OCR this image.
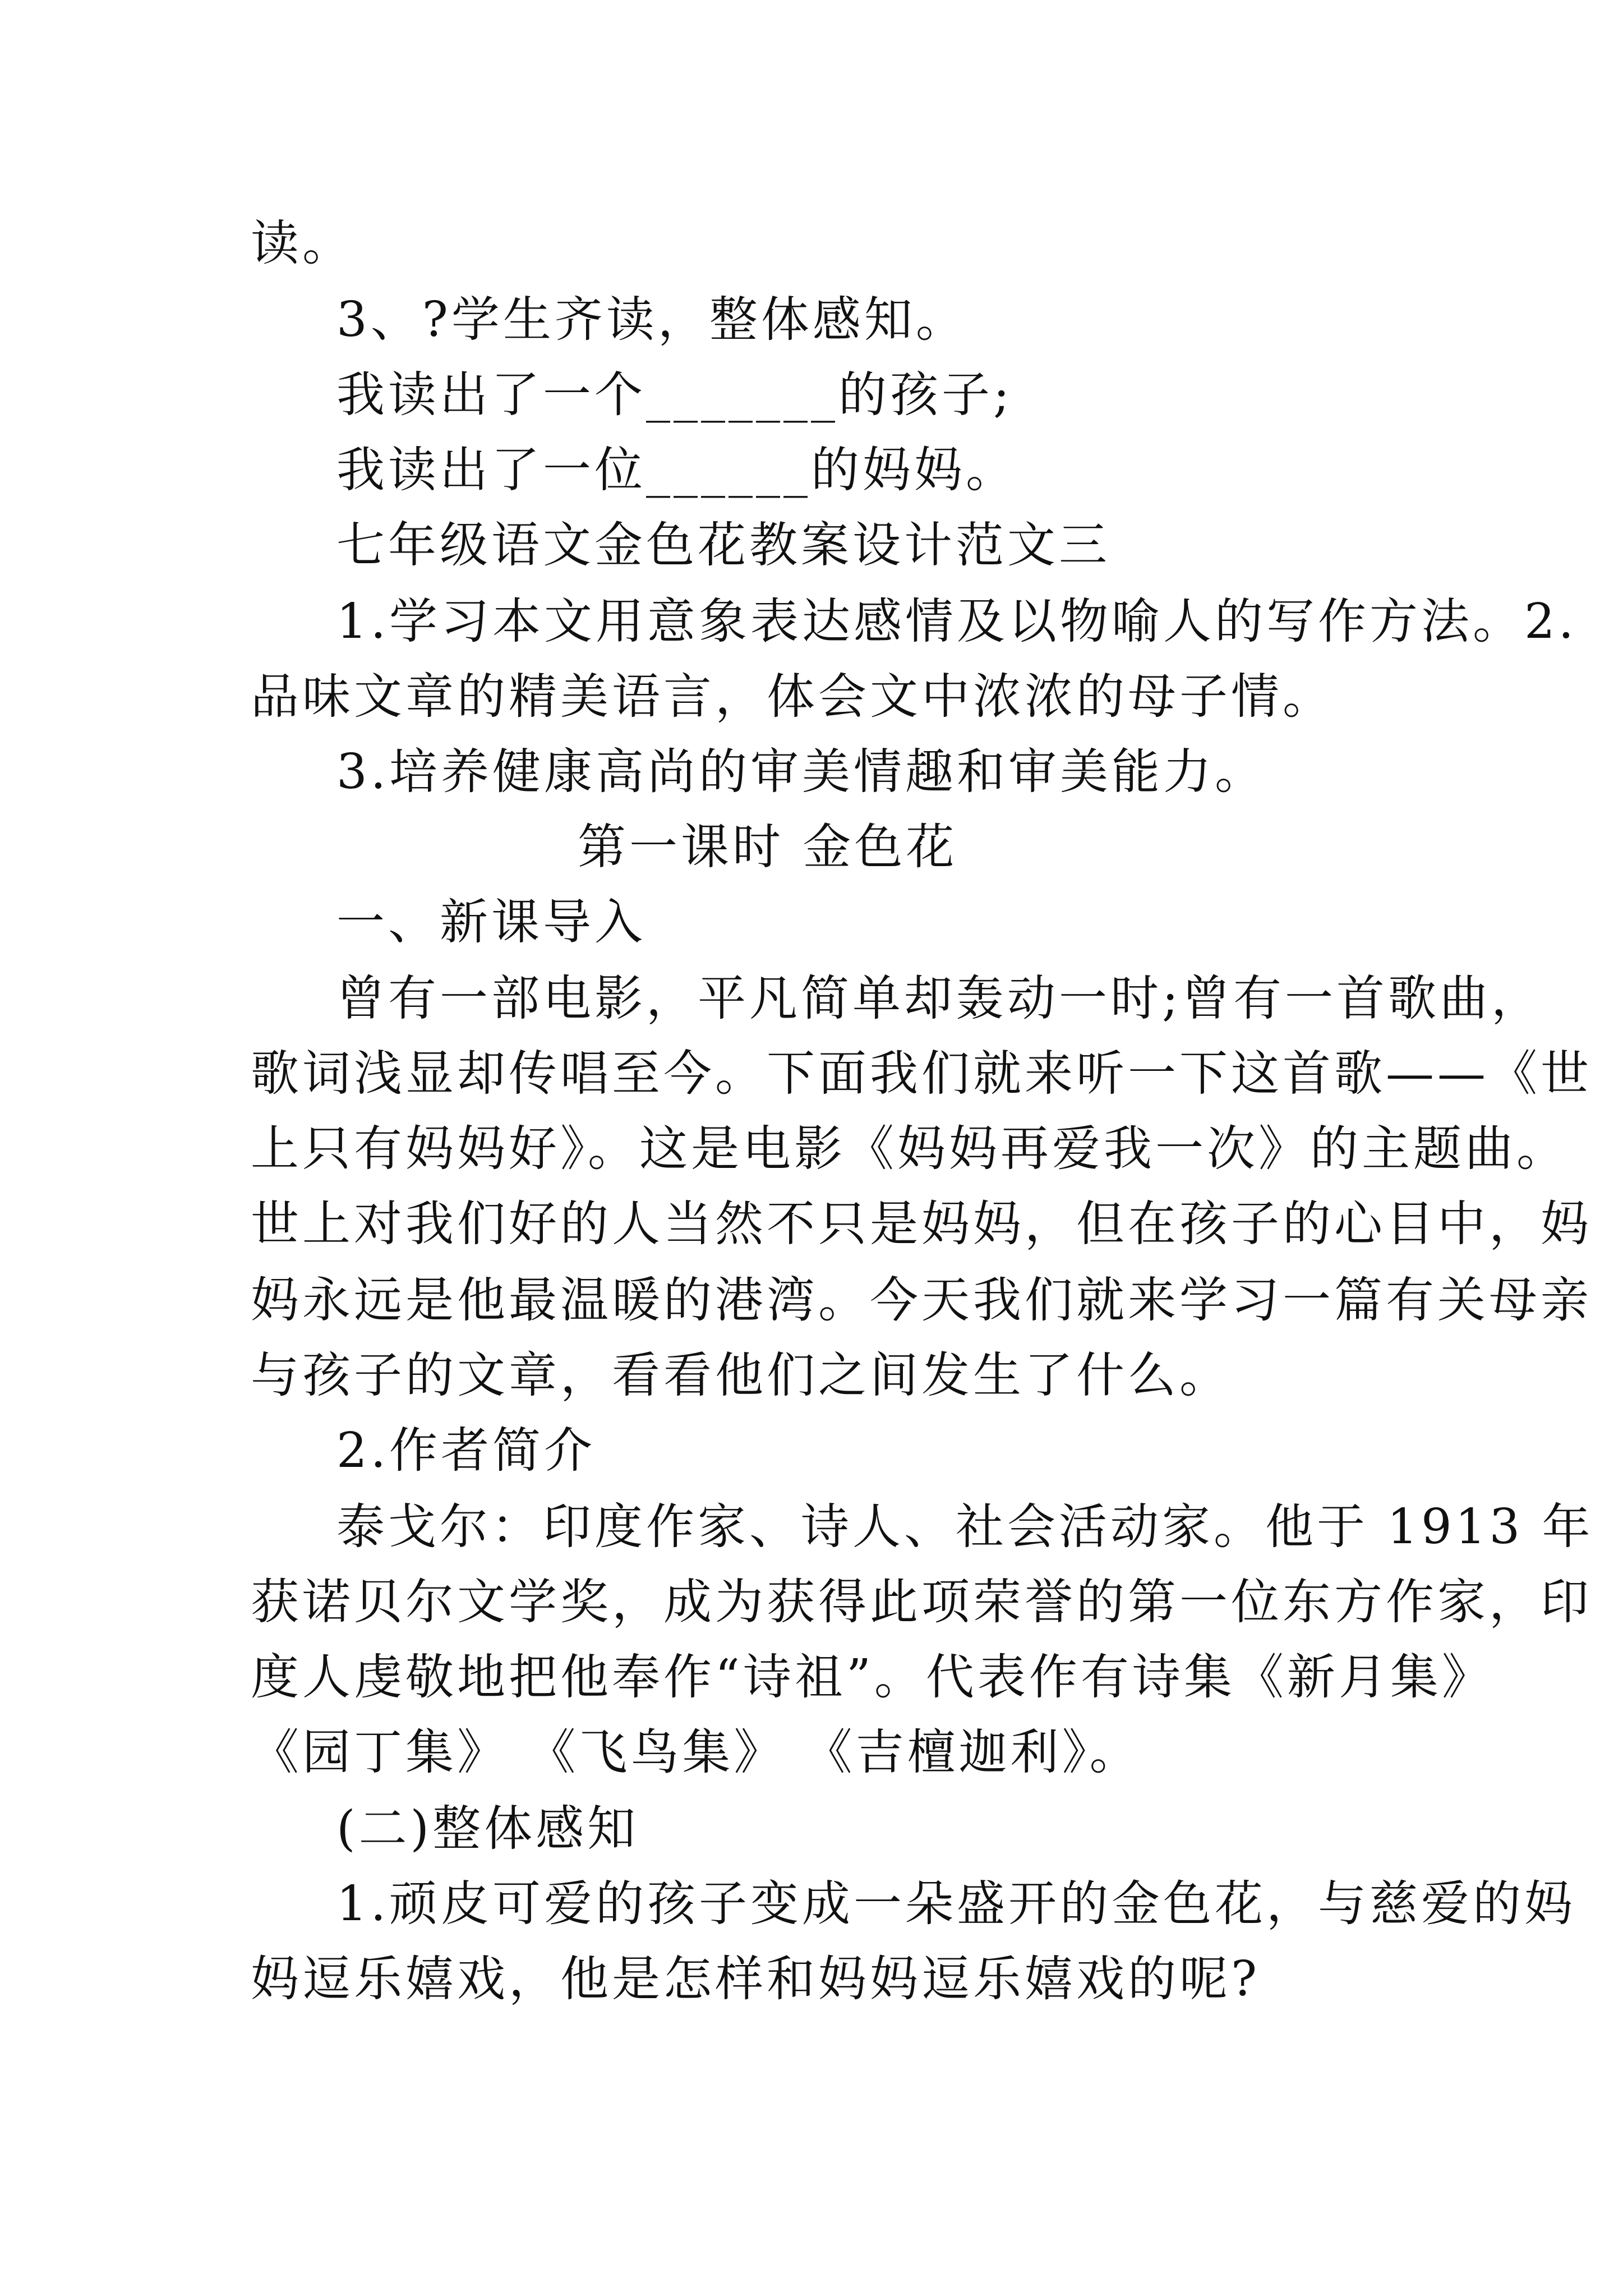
读。
3、?学生齐读，整体感知。
我读出了一个_______的孩子;
我读出了一位______的妈妈。
七年级语文金色花教案设计范文三
1.学习本文用意象表达感情及以物喻人的写作方法。2.
品味文章的精美语言，体会文中浓浓的母子情。
3.培养健康高尚的审美情趣和审美能力。
第一课时 金色花
一、新课导入
曾有一部电影，平凡简单却轰动一时;曾有一首歌曲，
歌词浅显却传唱至今。下面我们就来听一下这首歌——《世
上只有妈妈好》。这是电影《妈妈再爱我一次》的主题曲。
世上对我们好的人当然不只是妈妈，但在孩子的心目中，妈
妈永远是他最温暖的港湾。今天我们就来学习一篇有关母亲
与孩子的文章，看看他们之间发生了什么。
2.作者简介
泰戈尔：印度作家、诗人、社会活动家。他于 1913 年
获诺贝尔文学奖，成为获得此项荣誉的第一位东方作家，印
度人虔敬地把他奉作“诗祖”。代表作有诗集《新月集》
《园丁集》 《飞鸟集》 《吉檀迦利》。
(二)整体感知
1.顽皮可爱的孩子变成一朵盛开的金色花，与慈爱的妈
妈逗乐嬉戏，他是怎样和妈妈逗乐嬉戏的呢?
